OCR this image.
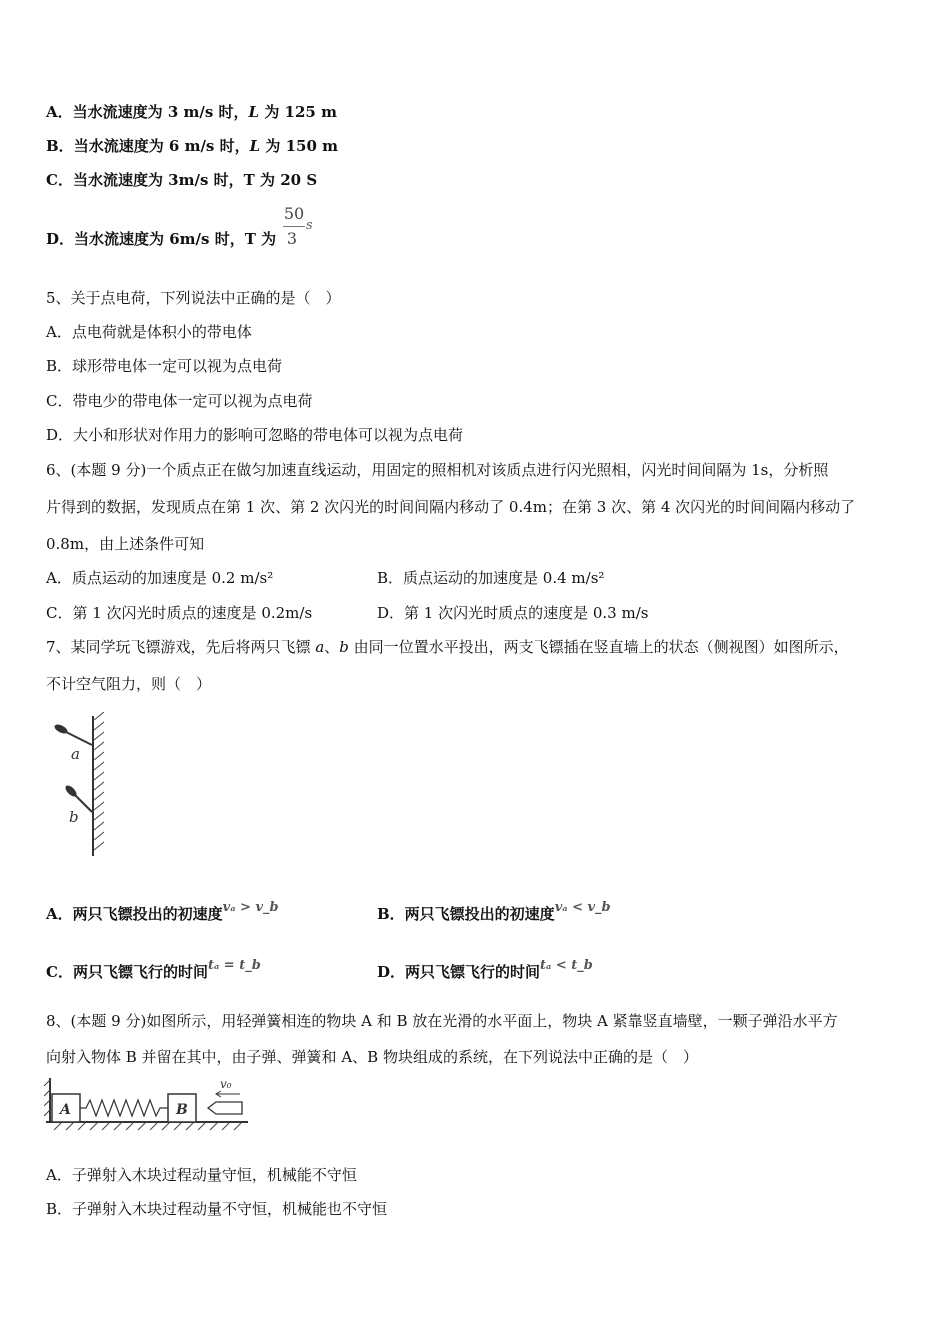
A．当水流速度为 3 m/s 时，L 为 125 m
B．当水流速度为 6 m/s 时，L 为 150 m
C．当水流速度为 3m/s 时，T 为 20 S
D．当水流速度为 6m/s 时，T 为
50
3
s
5、关于点电荷，下列说法中正确的是（　）
A．点电荷就是体积小的带电体
B．球形带电体一定可以视为点电荷
C．带电少的带电体一定可以视为点电荷
D．大小和形状对作用力的影响可忽略的带电体可以视为点电荷
6、(本题 9 分)一个质点正在做匀加速直线运动，用固定的照相机对该质点进行闪光照相，闪光时间间隔为 1s，分析照
片得到的数据，发现质点在第 1 次、第 2 次闪光的时间间隔内移动了 0.4m；在第 3 次、第 4 次闪光的时间间隔内移动了
0.8m，由上述条件可知
A．质点运动的加速度是 0.2 m/s²	B．质点运动的加速度是 0.4 m/s²
C．第 1 次闪光时质点的速度是 0.2m/s	D．第 1 次闪光时质点的速度是 0.3 m/s
7、某同学玩飞镖游戏，先后将两只飞镖 a、b 由同一位置水平投出，两支飞镖插在竖直墙上的状态（侧视图）如图所示，
不计空气阻力，则（　）
a
b
A．两只飞镖投出的初速度vₐ > v_b	B．两只飞镖投出的初速度vₐ < v_b
C．两只飞镖飞行的时间tₐ = t_b	D．两只飞镖飞行的时间tₐ < t_b
8、(本题 9 分)如图所示，用轻弹簧相连的物块 A 和 B 放在光滑的水平面上，物块 A 紧靠竖直墙壁，一颗子弹沿水平方
向射入物体 B 并留在其中，由子弹、弹簧和 A、B 物块组成的系统，在下列说法中正确的是（　）
A	B
v₀
A．子弹射入木块过程动量守恒，机械能不守恒
B．子弹射入木块过程动量不守恒，机械能也不守恒
